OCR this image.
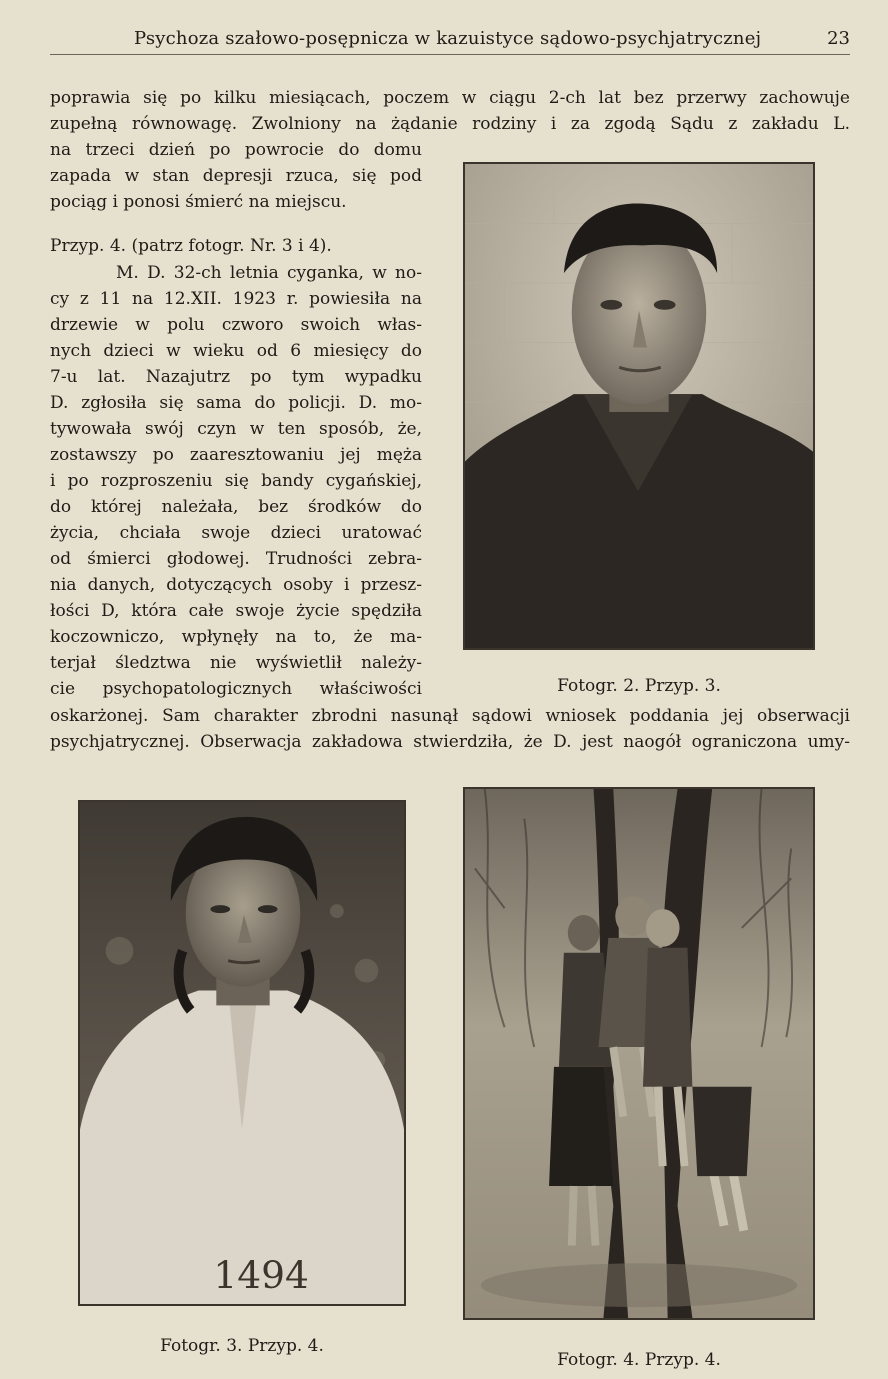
Psychoza szałowo-posępnicza w kazuistyce sądowo-psychjatrycznej	23
poprawia się po kilku miesiącach, poczem w ciągu 2-ch lat bez przerwy zachowuje
zupełną równowagę. Zwolniony na żądanie rodziny i za zgodą Sądu z zakładu L.
na trzeci dzień po powrocie do domu
zapada w stan depresji rzuca, się pod
pociąg i ponosi śmierć na miejscu.
Przyp. 4. (patrz fotogr. Nr. 3 i 4).
M. D. 32-ch letnia cyganka, w no-
cy z 11 na 12.XII. 1923 r. powiesiła na
drzewie w polu czworo swoich włas-
nych dzieci w wieku od 6 miesięcy do
7-u lat. Nazajutrz po tym wypadku
D. zgłosiła się sama do policji. D. mo-
tywowała swój czyn w ten sposób, że,
zostawszy po zaaresztowaniu jej męża
i po rozproszeniu się bandy cygańskiej,
do której należała, bez środków do
życia, chciała swoje dzieci uratować
od śmierci głodowej. Trudności zebra-
nia danych, dotyczących osoby i przesz-
łości D, która całe swoje życie spędziła
koczowniczo, wpłynęły na to, że ma-
terjał śledztwa nie wyświetlił należy-
cie psychopatologicznych właściwości
oskarżonej. Sam charakter zbrodni nasunął sądowi wniosek poddania jej obserwacji
psychjatrycznej. Obserwacja zakładowa stwierdziła, że D. jest naogół ograniczona umy-
Fotogr. 2. Przyp. 3.
1494
Fotogr. 3. Przyp. 4.
Fotogr. 4. Przyp. 4.
